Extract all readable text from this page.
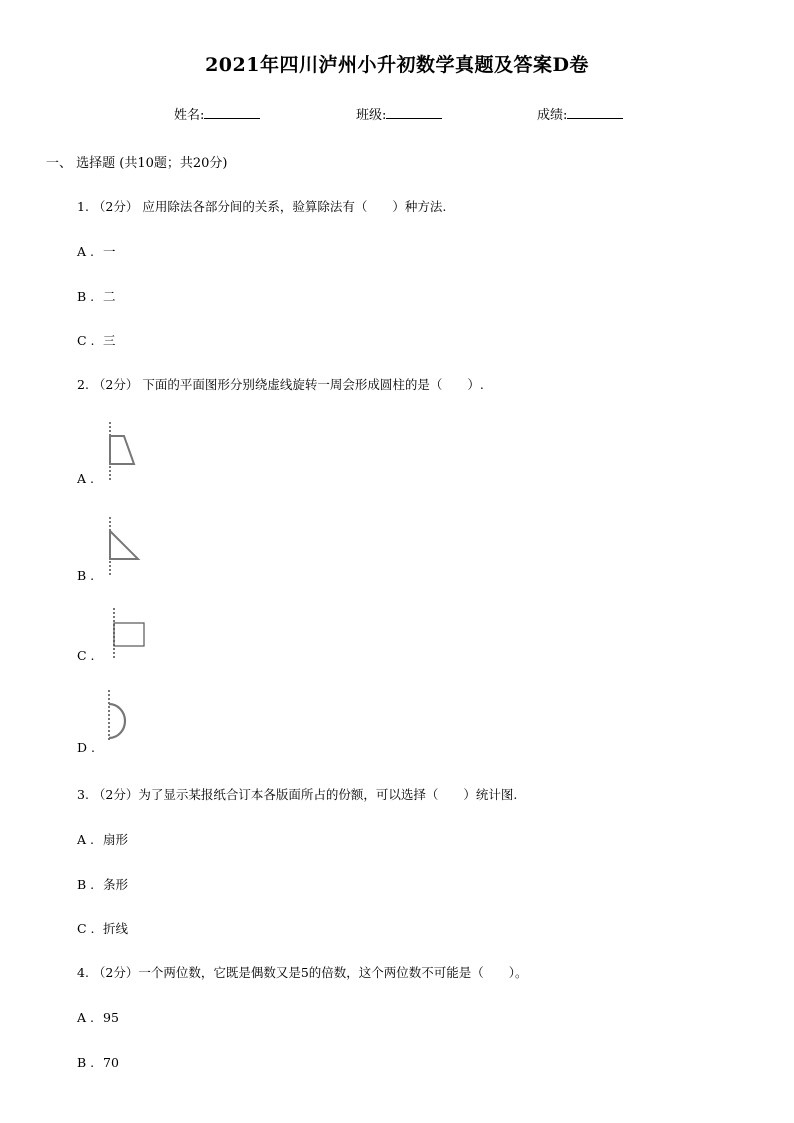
2021年四川泸州小升初数学真题及答案D卷
姓名:	班级:	成绩:
一、 选择题 (共10题；共20分)
1. （2分） 应用除法各部分间的关系，验算除法有（　　）种方法.
A . 一
B . 二
C . 三
2. （2分） 下面的平面图形分别绕虚线旋转一周会形成圆柱的是（　　）.
A .
B .
C .
D .
3. （2分）为了显示某报纸合订本各版面所占的份额，可以选择（　　）统计图.
A . 扇形
B . 条形
C . 折线
4. （2分）一个两位数，它既是偶数又是5的倍数，这个两位数不可能是（　　）。
A . 95
B . 70
